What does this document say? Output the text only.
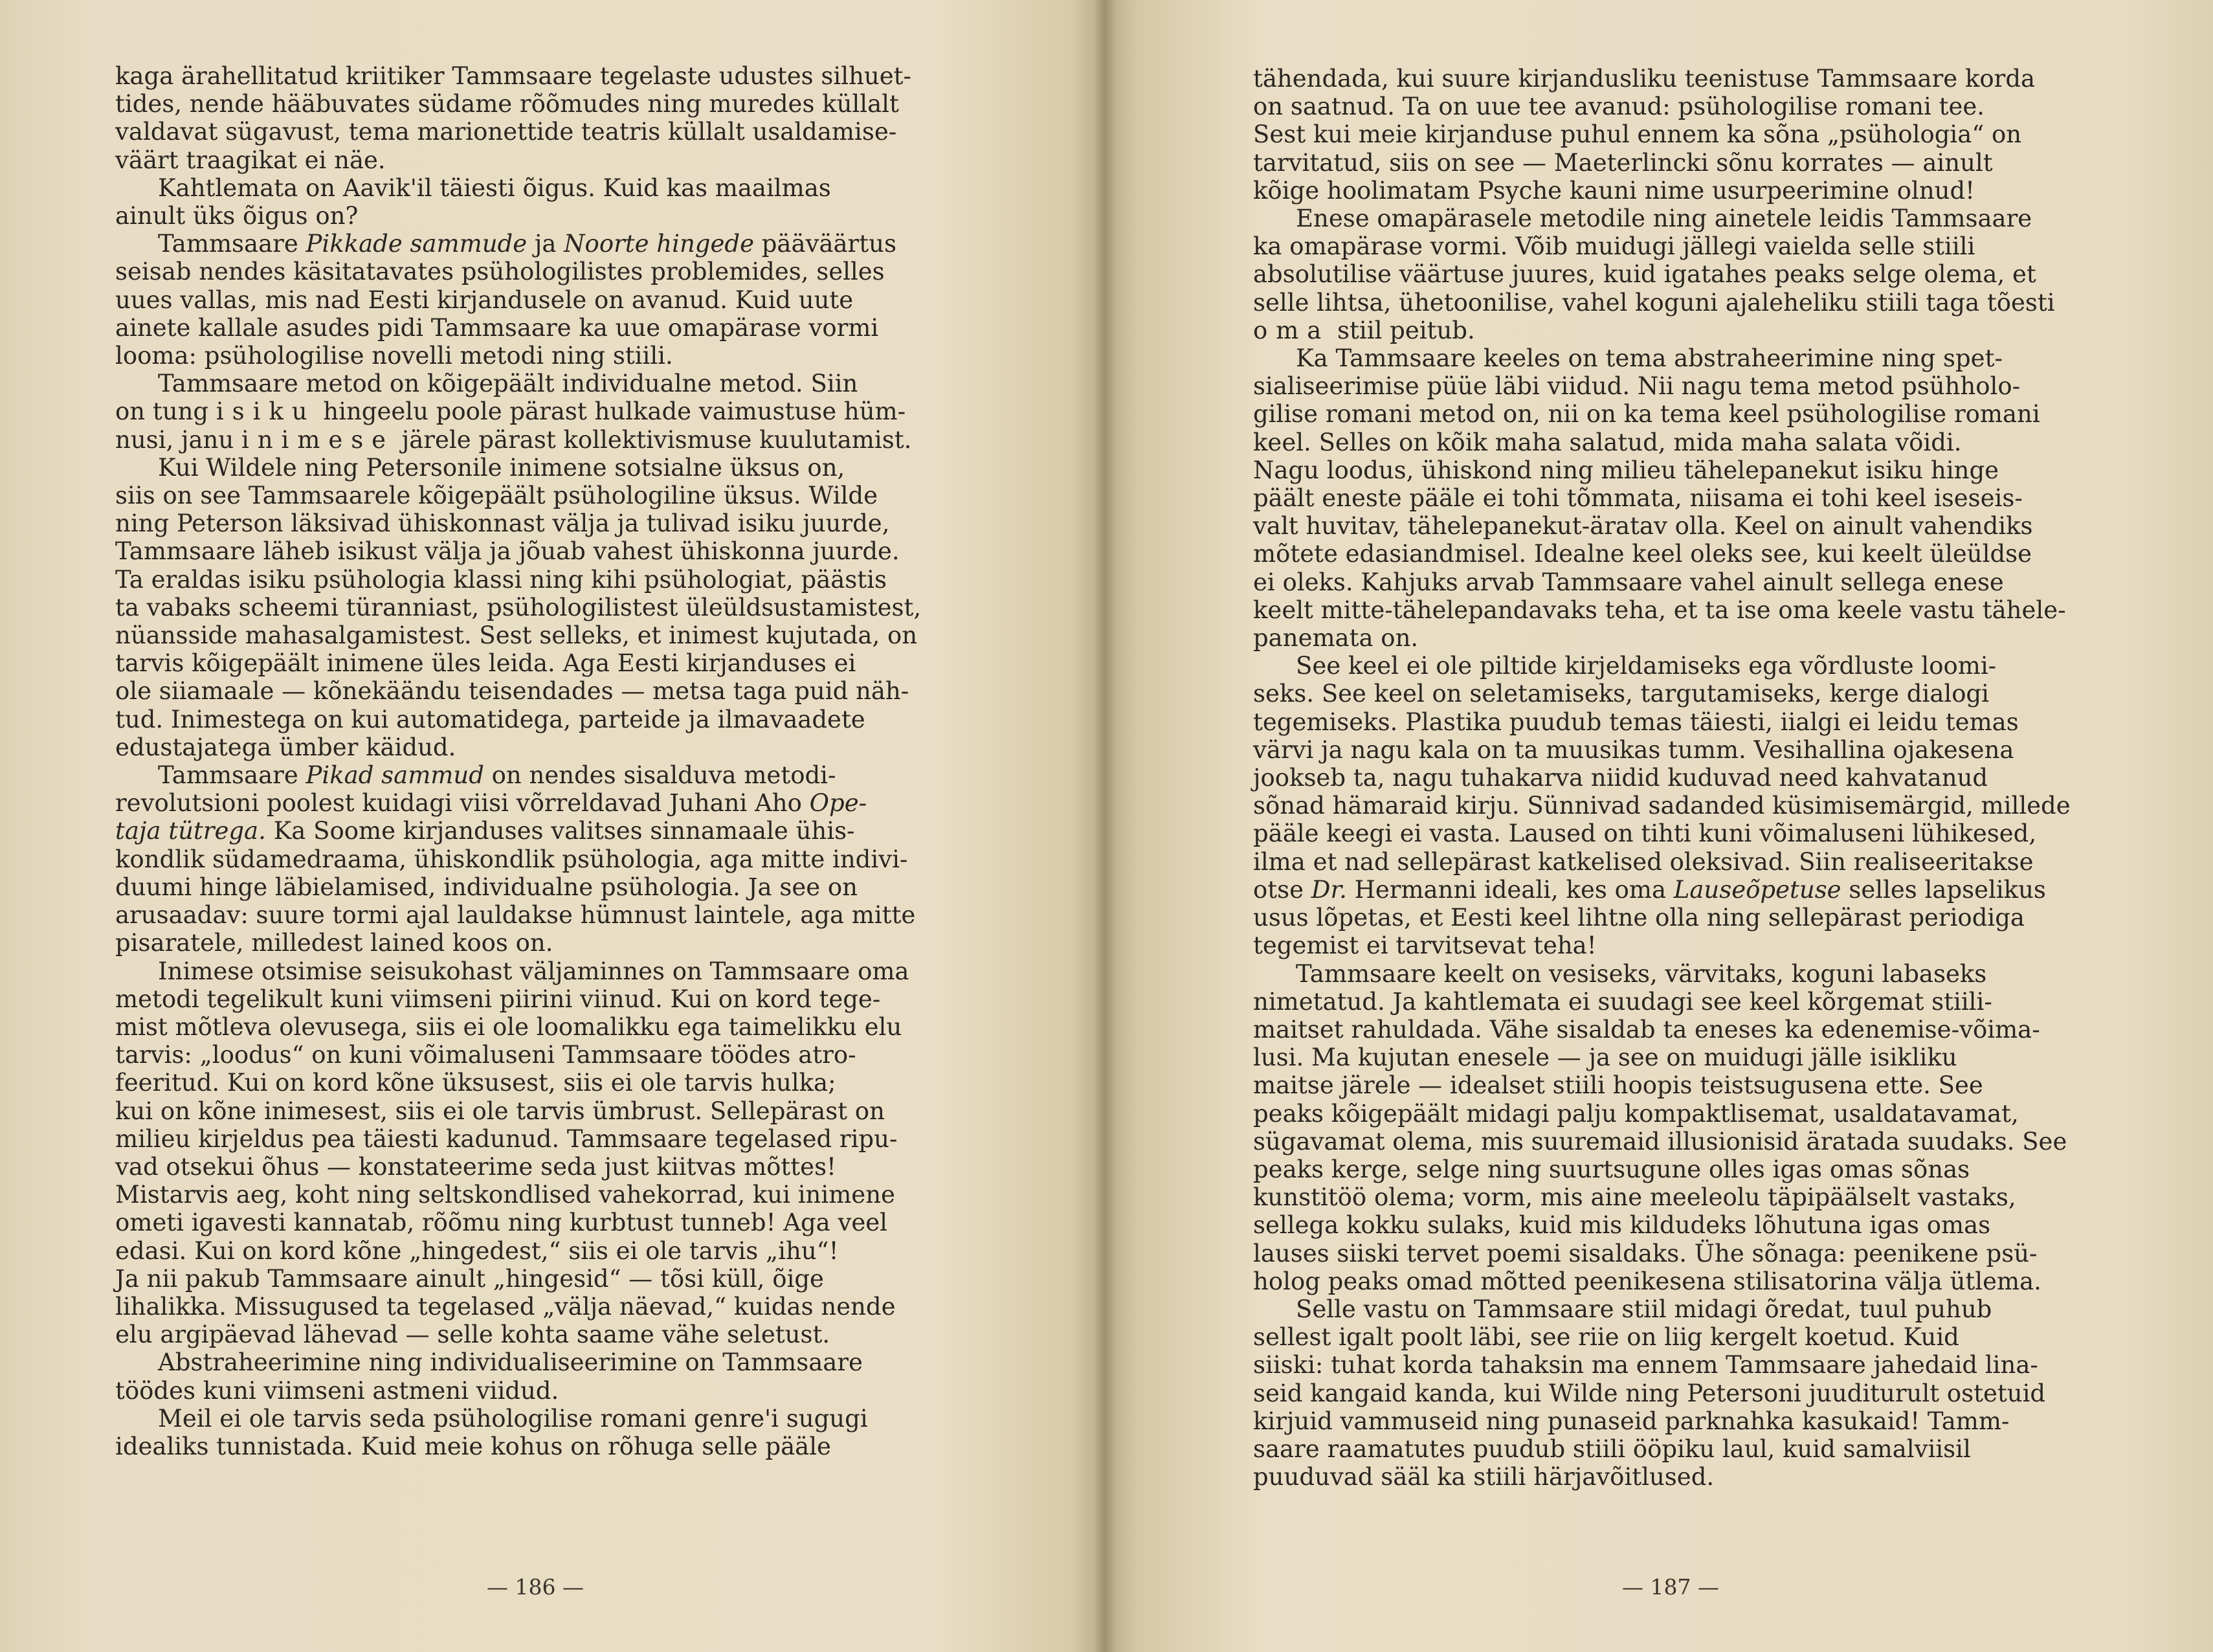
kaga ärahellitatud kriitiker Tammsaare tegelaste udustes silhuet-

tides, nende hääbuvates südame rõõmudes ning muredes küllalt

valdavat sügavust, tema marionettide teatris küllalt usaldamise-

väärt traagikat ei näe.

Kahtlemata on Aavik'il täiesti õigus. Kuid kas maailmas

ainult üks õigus on?

Tammsaare Pikkade sammude ja Noorte hingede pääväärtus

seisab nendes käsitatavates psühologilistes problemides, selles

uues vallas, mis nad Eesti kirjandusele on avanud. Kuid uute

ainete kallale asudes pidi Tammsaare ka uue omapärase vormi

looma: psühologilise novelli metodi ning stiili.

Tammsaare metod on kõigepäält individualne metod. Siin

on tung isiku hingeelu poole pärast hulkade vaimustuse hüm-

nusi, janu inimese järele pärast kollektivismuse kuulutamist.

Kui Wildele ning Petersonile inimene sotsialne üksus on,

siis on see Tammsaarele kõigepäält psühologiline üksus. Wilde

ning Peterson läksivad ühiskonnast välja ja tulivad isiku juurde,

Tammsaare läheb isikust välja ja jõuab vahest ühiskonna juurde.

Ta eraldas isiku psühologia klassi ning kihi psühologiat, päästis

ta vabaks scheemi türanniast, psühologilistest üleüldsustamistest,

nüansside mahasalgamistest. Sest selleks, et inimest kujutada, on

tarvis kõigepäält inimene üles leida. Aga Eesti kirjanduses ei

ole siiamaale — kõnekäändu teisendades — metsa taga puid näh-

tud. Inimestega on kui automatidega, parteide ja ilmavaadete

edustajatega ümber käidud.

Tammsaare Pikad sammud on nendes sisalduva metodi-

revolutsioni poolest kuidagi viisi võrreldavad Juhani Aho Ope-

taja tütrega. Ka Soome kirjanduses valitses sinnamaale ühis-

kondlik südamedraama, ühiskondlik psühologia, aga mitte indivi-

duumi hinge läbielamised, individualne psühologia. Ja see on

arusaadav: suure tormi ajal lauldakse hümnust laintele, aga mitte

pisaratele, milledest lained koos on.

Inimese otsimise seisukohast väljaminnes on Tammsaare oma

metodi tegelikult kuni viimseni piirini viinud. Kui on kord tege-

mist mõtleva olevusega, siis ei ole loomalikku ega taimelikku elu

tarvis: „loodus“ on kuni võimaluseni Tammsaare töödes atro-

feeritud. Kui on kord kõne üksusest, siis ei ole tarvis hulka;

kui on kõne inimesest, siis ei ole tarvis ümbrust. Sellepärast on

milieu kirjeldus pea täiesti kadunud. Tammsaare tegelased ripu-

vad otsekui õhus — konstateerime seda just kiitvas mõttes!

Mistarvis aeg, koht ning seltskondlised vahekorrad, kui inimene

ometi igavesti kannatab, rõõmu ning kurbtust tunneb! Aga veel

edasi. Kui on kord kõne „hingedest,“ siis ei ole tarvis „ihu“!

Ja nii pakub Tammsaare ainult „hingesid“ — tõsi küll, õige

lihalikka. Missugused ta tegelased „välja näevad,“ kuidas nende

elu argipäevad lähevad — selle kohta saame vähe seletust.

Abstraheerimine ning individualiseerimine on Tammsaare

töödes kuni viimseni astmeni viidud.

Meil ei ole tarvis seda psühologilise romani genre'i sugugi

idealiks tunnistada. Kuid meie kohus on rõhuga selle pääle

— 186 —

tähendada, kui suure kirjandusliku teenistuse Tammsaare korda

on saatnud. Ta on uue tee avanud: psühologilise romani tee.

Sest kui meie kirjanduse puhul ennem ka sõna „psühologia“ on

tarvitatud, siis on see — Maeterlincki sõnu korrates — ainult

kõige hoolimatam Psyche kauni nime usurpeerimine olnud!

Enese omapärasele metodile ning ainetele leidis Tammsaare

ka omapärase vormi. Võib muidugi jällegi vaielda selle stiili

absolutilise väärtuse juures, kuid igatahes peaks selge olema, et

selle lihtsa, ühetoonilise, vahel koguni ajaleheliku stiili taga tõesti

oma stiil peitub.

Ka Tammsaare keeles on tema abstraheerimine ning spet-

sialiseerimise püüe läbi viidud. Nii nagu tema metod psühholo-

gilise romani metod on, nii on ka tema keel psühologilise romani

keel. Selles on kõik maha salatud, mida maha salata võidi.

Nagu loodus, ühiskond ning milieu tähelepanekut isiku hinge

päält eneste pääle ei tohi tõmmata, niisama ei tohi keel iseseis-

valt huvitav, tähelepanekut-äratav olla. Keel on ainult vahendiks

mõtete edasiandmisel. Idealne keel oleks see, kui keelt üleüldse

ei oleks. Kahjuks arvab Tammsaare vahel ainult sellega enese

keelt mitte-tähelepandavaks teha, et ta ise oma keele vastu tähele-

panemata on.

See keel ei ole piltide kirjeldamiseks ega võrdluste loomi-

seks. See keel on seletamiseks, targutamiseks, kerge dialogi

tegemiseks. Plastika puudub temas täiesti, iialgi ei leidu temas

värvi ja nagu kala on ta muusikas tumm. Vesihallina ojakesena

jookseb ta, nagu tuhakarva niidid kuduvad need kahvatanud

sõnad hämaraid kirju. Sünnivad sadanded küsimisemärgid, millede

pääle keegi ei vasta. Laused on tihti kuni võimaluseni lühikesed,

ilma et nad sellepärast katkelised oleksivad. Siin realiseeritakse

otse Dr. Hermanni ideali, kes oma Lauseõpetuse selles lapselikus

usus lõpetas, et Eesti keel lihtne olla ning sellepärast periodiga

tegemist ei tarvitsevat teha!

Tammsaare keelt on vesiseks, värvitaks, koguni labaseks

nimetatud. Ja kahtlemata ei suudagi see keel kõrgemat stiili-

maitset rahuldada. Vähe sisaldab ta eneses ka edenemise-võima-

lusi. Ma kujutan enesele — ja see on muidugi jälle isikliku

maitse järele — idealset stiili hoopis teistsugusena ette. See

peaks kõigepäält midagi palju kompaktlisemat, usaldatavamat,

sügavamat olema, mis suuremaid illusionisid äratada suudaks. See

peaks kerge, selge ning suurtsugune olles igas omas sõnas

kunstitöö olema; vorm, mis aine meeleolu täpipäälselt vastaks,

sellega kokku sulaks, kuid mis kildudeks lõhutuna igas omas

lauses siiski tervet poemi sisaldaks. Ühe sõnaga: peenikene psü-

holog peaks omad mõtted peenikesena stilisatorina välja ütlema.

Selle vastu on Tammsaare stiil midagi õredat, tuul puhub

sellest igalt poolt läbi, see riie on liig kergelt koetud. Kuid

siiski: tuhat korda tahaksin ma ennem Tammsaare jahedaid lina-

seid kangaid kanda, kui Wilde ning Petersoni juuditurult ostetuid

kirjuid vammuseid ning punaseid parknahka kasukaid! Tamm-

saare raamatutes puudub stiili ööpiku laul, kuid samalviisil

puuduvad sääl ka stiili härjavõitlused.

— 187 —
